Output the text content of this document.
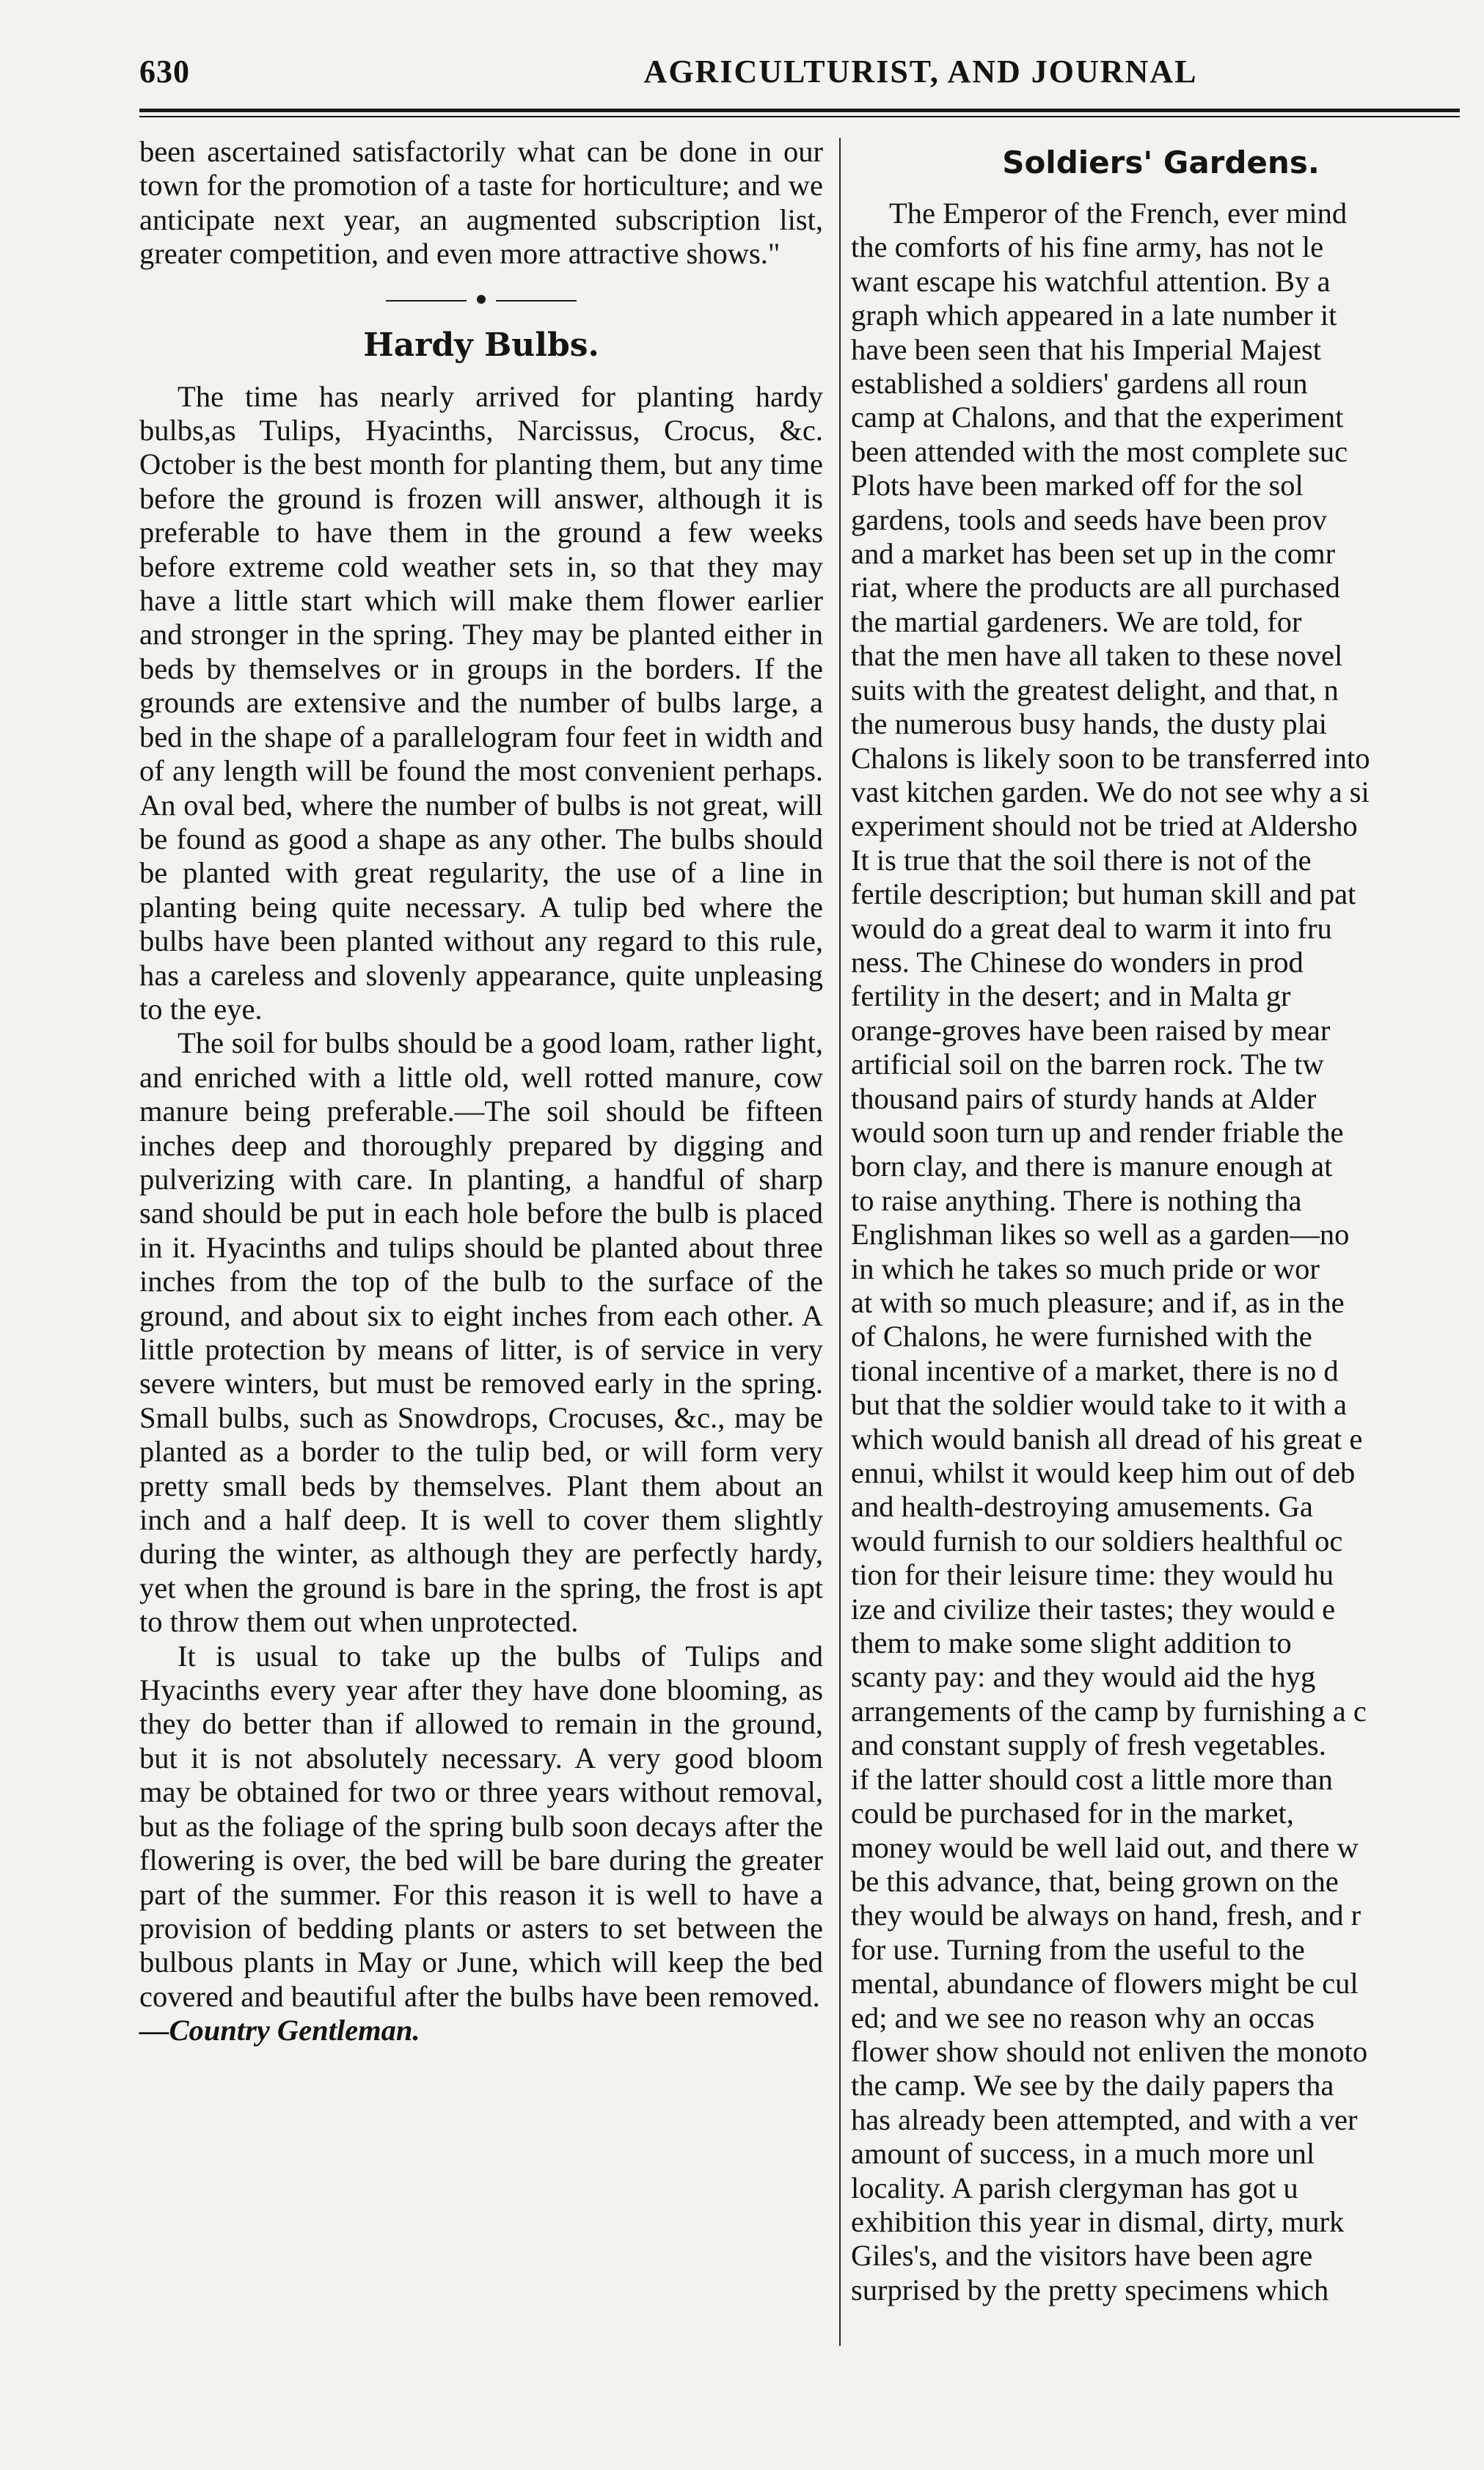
630	AGRICULTURIST, AND JOURNAL

been ascertained satisfactorily what can be done in our town for the promotion of a taste for horticulture; and we anticipate next year, an augmented subscription list, greater competition, and even more attractive shows."

Hardy Bulbs.

The time has nearly arrived for planting hardy bulbs,as Tulips, Hyacinths, Narcissus, Crocus, &c. October is the best month for planting them, but any time before the ground is frozen will answer, although it is preferable to have them in the ground a few weeks before extreme cold weather sets in, so that they may have a little start which will make them flower earlier and stronger in the spring. They may be planted either in beds by themselves or in groups in the borders. If the grounds are extensive and the number of bulbs large, a bed in the shape of a parallelogram four feet in width and of any length will be found the most convenient perhaps. An oval bed, where the number of bulbs is not great, will be found as good a shape as any other. The bulbs should be planted with great regularity, the use of a line in planting being quite necessary. A tulip bed where the bulbs have been planted without any regard to this rule, has a careless and slovenly appearance, quite unpleasing to the eye.

The soil for bulbs should be a good loam, rather light, and enriched with a little old, well rotted manure, cow manure being preferable.—The soil should be fifteen inches deep and thoroughly prepared by digging and pulverizing with care. In planting, a handful of sharp sand should be put in each hole before the bulb is placed in it. Hyacinths and tulips should be planted about three inches from the top of the bulb to the surface of the ground, and about six to eight inches from each other. A little protection by means of litter, is of service in very severe winters, but must be removed early in the spring. Small bulbs, such as Snowdrops, Crocuses, &c., may be planted as a border to the tulip bed, or will form very pretty small beds by themselves. Plant them about an inch and a half deep. It is well to cover them slightly during the winter, as although they are perfectly hardy, yet when the ground is bare in the spring, the frost is apt to throw them out when unprotected.

It is usual to take up the bulbs of Tulips and Hyacinths every year after they have done blooming, as they do better than if allowed to remain in the ground, but it is not absolutely necessary. A very good bloom may be obtained for two or three years without removal, but as the foliage of the spring bulb soon decays after the flowering is over, the bed will be bare during the greater part of the summer. For this reason it is well to have a provision of bedding plants or asters to set between the bulbous plants in May or June, which will keep the bed covered and beautiful after the bulbs have been removed.

—Country Gentleman.

Soldiers' Gardens.
The Emperor of the French, ever mind
the comforts of his fine army, has not le
want escape his watchful attention. By a
graph which appeared in a late number it
have been seen that his Imperial Majest
established a soldiers' gardens all roun
camp at Chalons, and that the experiment
been attended with the most complete suc
Plots have been marked off for the sol
gardens, tools and seeds have been prov
and a market has been set up in the comr
riat, where the products are all purchased
the martial gardeners. We are told, for
that the men have all taken to these novel
suits with the greatest delight, and that, n
the numerous busy hands, the dusty plai
Chalons is likely soon to be transferred into
vast kitchen garden. We do not see why a si
experiment should not be tried at Aldersho
It is true that the soil there is not of the
fertile description; but human skill and pat
would do a great deal to warm it into fru
ness. The Chinese do wonders in prod
fertility in the desert; and in Malta gr
orange-groves have been raised by mear
artificial soil on the barren rock. The tw
thousand pairs of sturdy hands at Alder
would soon turn up and render friable the
born clay, and there is manure enough at
to raise anything. There is nothing tha
Englishman likes so well as a garden—no
in which he takes so much pride or wor
at with so much pleasure; and if, as in the
of Chalons, he were furnished with the
tional incentive of a market, there is no d
but that the soldier would take to it with a
which would banish all dread of his great e
ennui, whilst it would keep him out of deb
and health-destroying amusements. Ga
would furnish to our soldiers healthful oc
tion for their leisure time: they would hu
ize and civilize their tastes; they would e
them to make some slight addition to
scanty pay: and they would aid the hyg
arrangements of the camp by furnishing a c
and constant supply of fresh vegetables.
if the latter should cost a little more than
could be purchased for in the market,
money would be well laid out, and there w
be this advance, that, being grown on the
they would be always on hand, fresh, and r
for use. Turning from the useful to the
mental, abundance of flowers might be cul
ed; and we see no reason why an occas
flower show should not enliven the monoto
the camp. We see by the daily papers tha
has already been attempted, and with a ver
amount of success, in a much more unl
locality. A parish clergyman has got u
exhibition this year in dismal, dirty, murk
Giles's, and the visitors have been agre
surprised by the pretty specimens which
